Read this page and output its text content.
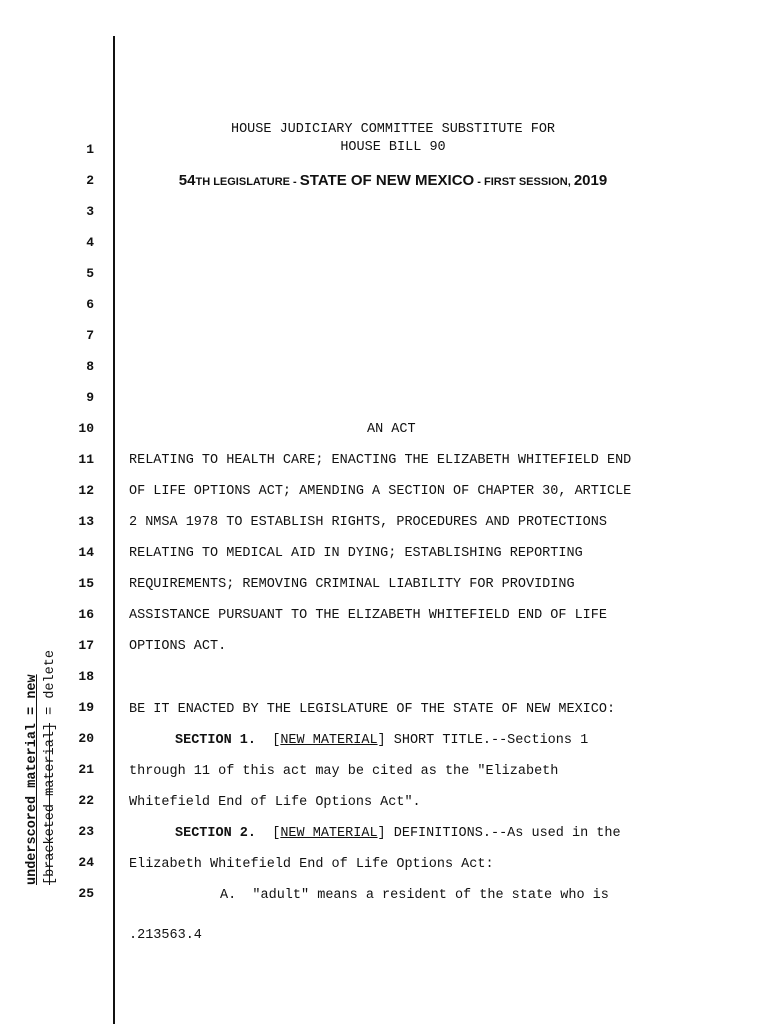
HOUSE JUDICIARY COMMITTEE SUBSTITUTE FOR
HOUSE BILL 90
54TH LEGISLATURE - STATE OF NEW MEXICO - FIRST SESSION, 2019
1
2
3
4
5
6
7
8
9
10
11
12
13
14
15
16
17
18
19
20
21
22
23
24
25
AN ACT
RELATING TO HEALTH CARE; ENACTING THE ELIZABETH WHITEFIELD END
OF LIFE OPTIONS ACT; AMENDING A SECTION OF CHAPTER 30, ARTICLE
2 NMSA 1978 TO ESTABLISH RIGHTS, PROCEDURES AND PROTECTIONS
RELATING TO MEDICAL AID IN DYING; ESTABLISHING REPORTING
REQUIREMENTS; REMOVING CRIMINAL LIABILITY FOR PROVIDING
ASSISTANCE PURSUANT TO THE ELIZABETH WHITEFIELD END OF LIFE
OPTIONS ACT.
BE IT ENACTED BY THE LEGISLATURE OF THE STATE OF NEW MEXICO:
SECTION 1.  [NEW MATERIAL] SHORT TITLE.--Sections 1
through 11 of this act may be cited as the "Elizabeth
Whitefield End of Life Options Act".
SECTION 2.  [NEW MATERIAL] DEFINITIONS.--As used in the
Elizabeth Whitefield End of Life Options Act:
A.  "adult" means a resident of the state who is
.213563.4
underscored material = new [bracketed material] = delete
